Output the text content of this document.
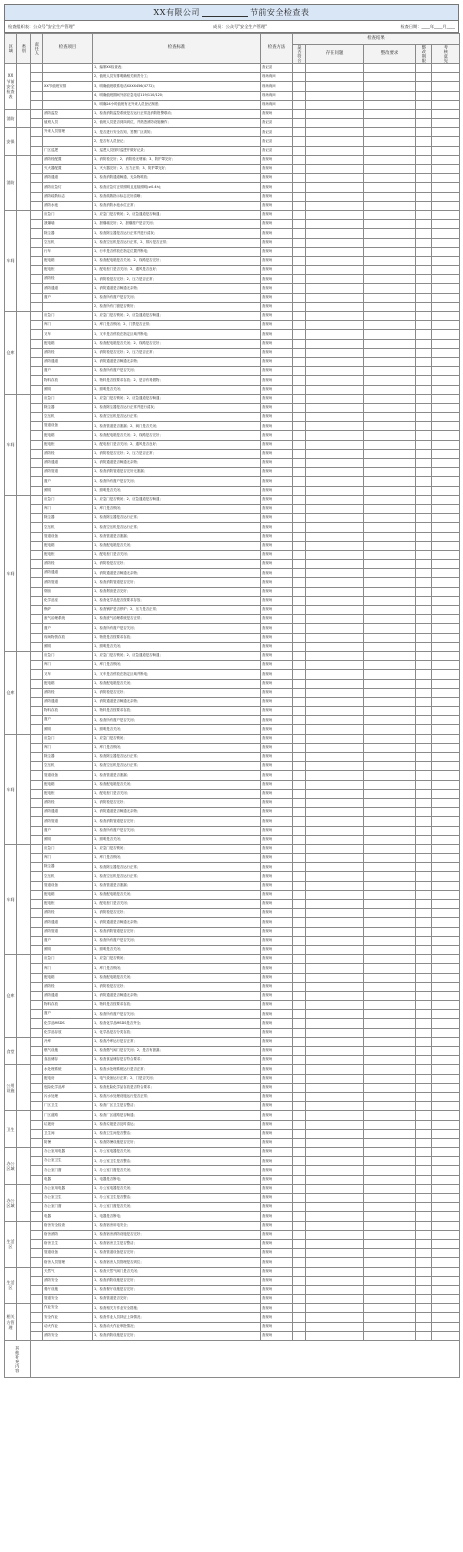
XX有限公司	节前安全检查表
检查组织表：公众号"安全生产管理"	成员：公众号"安全生产管理"	检查日期：____年____月____
区域	类别	责任人	检查项目	检查标准	检查方法	检查结果				

						是否符合	存在问题	整改要求	整改期限	考核意见

XX节前安全检查表				1、编制XX检查表；	查记录					
				2、值班人员安排明确相关职责分工；	现场询问					
			XX节值班安排	3、明确值班联系电话XXXX456(4772)；	现场询问					
				4、明确值班期间外部应急电话119/110/120；	现场询问					
				5、明确24小时值班有无外来人员登记制度；	现场询问					
消防			消防监控	1、检查消防监控系统是否运行正常及消防报警联动；	查现场					
			值班人员	2、值班人员是否到岗到位，并熟悉消防设施操作；	查记录					
安保			外来人员管理	1、是否进行安全告知，签署厂区须知；	查记录					
				2、是否有人员登记；	查记录					
			厂区巡逻	1、巡逻人员按时巡逻并做好记录；	查记录					
消防			消防栓配置	1、消防栓完好；2、消防栓无堵塞；3、防护罩完好；	查现场					
			灭火器配置	1、灭火器完好；2、压力正常；3、防护罩完好；	查现场					
			消防通道	1、检查消防通道畅通，无杂物堆放；	查现场					
			消防应急灯	1、检查应急灯正常照明且连续照明(≥0.4h)；	查现场					
			消防疏散标志	1、检查疏散指示标志完好清晰；	查现场					
			消防水池	1、检查消防水池水位正常；	查现场					
车间			应急门	1、应急门是否锁闭；2、应急通道是否畅通；	查现场					
			泄爆墙	1、泄爆墙完好；2、泄爆窗户是否关闭；	查现场					
			除尘器	1、检查除尘器是否运行正常并进行清灰；	查现场					
			空压机	1、检查空压机是否运行正常，2、排污是否正常；	查现场					
			行车	1、行车是否停放在指定位置并断电；	查现场					
			配电箱	1、检查配电箱是否关闭；2、线路是否完好；	查现场					
			配电柜	1、配电柜门是否关闭；2、通风是否良好；	查现场					
			消防栓	1、消防栓是否完好；2、压力是否正常；	查现场					
			消防通道	1、消防通道是否畅通无杂物；	查现场					
			窗户	1、检查所有窗户是否关闭；	查现场					
				2、检查所有门窗是否锁好；	查现场					
仓库			应急门	1、应急门是否锁闭；2、应急通道是否畅通；	查现场					
			库门	1、库门是否锁闭；2、门禁是否正常；	查现场					
			叉车	1、叉车是否停放在指定区域并断电；	查现场					
			配电箱	1、检查配电箱是否关闭；2、线路是否完好；	查现场					
			消防栓	1、消防栓是否完好；2、压力是否正常；	查现场					
			消防通道	1、消防通道是否畅通无杂物；	查现场					
			窗户	1、检查所有窗户是否关闭；	查现场					
			物料存放	1、物料是否按要求存放；2、是否有易燃物；	查现场					
			照明	1、照明是否关闭；	查现场					
车间			应急门	1、应急门是否锁闭；2、应急通道是否畅通；	查现场					
			除尘器	1、检查除尘器是否运行正常并进行清灰；	查现场					
			空压机	1、检查空压机是否运行正常；	查现场					
			管道设备	1、检查管道是否泄漏；2、阀门是否关闭；	查现场					
			配电箱	1、检查配电箱是否关闭；2、线路是否完好；	查现场					
			配电柜	1、配电柜门是否关闭；2、通风是否良好；	查现场					
			消防栓	1、消防栓是否完好；2、压力是否正常；	查现场					
			消防通道	1、消防通道是否畅通无杂物；	查现场					
			消防管道	1、检查消防管道是否完好无泄漏；	查现场					
			窗户	1、检查所有窗户是否关闭；	查现场					
			照明	1、照明是否关闭；	查现场					
车间			应急门	1、应急门是否锁闭；2、应急通道是否畅通；	查现场					
			库门	1、库门是否锁闭；	查现场					
			除尘器	1、检查除尘器是否运行正常；	查现场					
			空压机	1、检查空压机是否运行正常；	查现场					
			管道设备	1、检查管道是否泄漏；	查现场					
			配电箱	1、检查配电箱是否关闭；	查现场					
			配电柜	1、配电柜门是否关闭；	查现场					
			消防栓	1、消防栓是否完好；	查现场					
			消防通道	1、消防通道是否畅通无杂物；	查现场					
			消防管道	1、检查消防管道是否完好；	查现场					
			烟囱	1、检查烟囱是否完好；	查现场					
			化学品室	1、检查化学品是否按要求存放；	查现场					
			锅炉	1、检查锅炉是否停炉；2、压力是否正常；	查现场					
			废气治理系统	1、检查废气治理系统是否正常；	查现场					
			窗户	1、检查所有窗户是否关闭；	查现场					
			现场物资存放	1、物资是否按要求存放；	查现场					
			照明	1、照明是否关闭；	查现场					
仓库			应急门	1、应急门是否锁闭；2、应急通道是否畅通；	查现场					
			库门	1、库门是否锁闭；	查现场					
			叉车	1、叉车是否停放在指定区域并断电；	查现场					
			配电箱	1、检查配电箱是否关闭；	查现场					
			消防栓	1、消防栓是否完好；	查现场					
			消防通道	1、消防通道是否畅通无杂物；	查现场					
			物料存放	1、物料是否按要求存放；	查现场					
			窗户	1、检查所有窗户是否关闭；	查现场					
			照明	1、照明是否关闭；	查现场					
车间			应急门	1、应急门是否锁闭；	查现场					
			库门	1、库门是否锁闭；	查现场					
			除尘器	1、检查除尘器是否运行正常；	查现场					
			空压机	1、检查空压机是否运行正常；	查现场					
			管道设备	1、检查管道是否泄漏；	查现场					
			配电箱	1、检查配电箱是否关闭；	查现场					
			配电柜	1、配电柜门是否关闭；	查现场					
			消防栓	1、消防栓是否完好；	查现场					
			消防通道	1、消防通道是否畅通无杂物；	查现场					
			消防管道	1、检查消防管道是否完好；	查现场					
			窗户	1、检查所有窗户是否关闭；	查现场					
			照明	1、照明是否关闭；	查现场					
车间			应急门	1、应急门是否锁闭；	查现场					
			库门	1、库门是否锁闭；	查现场					
			除尘器	1、检查除尘器是否运行正常；	查现场					
			空压机	1、检查空压机是否运行正常；	查现场					
			管道设备	1、检查管道是否泄漏；	查现场					
			配电箱	1、检查配电箱是否关闭；	查现场					
			配电柜	1、配电柜门是否关闭；	查现场					
			消防栓	1、消防栓是否完好；	查现场					
			消防通道	1、消防通道是否畅通无杂物；	查现场					
			消防管道	1、检查消防管道是否完好；	查现场					
			窗户	1、检查所有窗户是否关闭；	查现场					
			照明	1、照明是否关闭；	查现场					
仓库			应急门	1、应急门是否锁闭；	查现场					
			库门	1、库门是否锁闭；	查现场					
			配电箱	1、检查配电箱是否关闭；	查现场					
			消防栓	1、消防栓是否完好；	查现场					
			消防通道	1、消防通道是否畅通无杂物；	查现场					
			物料存放	1、物料是否按要求存放；	查现场					
			窗户	1、检查所有窗户是否关闭；	查现场					
			化学品MSDS	1、检查化学品MSDS是否齐全；	查现场					
			化学品存放	1、化学品是否分类存放；	查现场					
食堂			冷库	1、检查冷库运行是否正常；	查现场					
			燃气设施	1、检查燃气阀门是否关闭；2、是否有泄漏；	查现场					
			食品储存	1、检查食品储存是否符合要求；	查现场					
公用设施			水处理系统	1、检查水处理系统运行是否正常；	查现场					
			配电房	1、电气设备运行正常；2、门是否关闭；	查现场					
			危险化学品库	1、检查危险化学品存放是否符合要求；	查现场					
			污水处理	1、检查污水处理设施运行是否正常；	查现场					
			厂区卫生	1、检查厂区卫生是否整洁；	查现场					
卫生			厂区道路	1、检查厂区道路是否畅通；	查现场					
			垃圾房	1、检查垃圾是否及时清运；	查现场					
			卫生间	1、检查卫生间是否整洁；	查现场					
			防暑	1、检查防暑设施是否完好；	查现场					
办公区域			办公室用电器	1、办公室电器是否关闭；	查现场					
			办公室卫生	1、办公室卫生是否整洁；	查现场					
			办公室门窗	1、办公室门窗是否关闭；	查现场					
			电器	1、电器是否断电；	查现场					
办公区域			办公室用电器	1、办公室电器是否关闭；	查现场					
			办公室卫生	1、办公室卫生是否整洁；	查现场					
			办公室门窗	1、办公室门窗是否关闭；	查现场					
			电器	1、电器是否断电；	查现场					
生活区			宿舍安全检查	1、检查宿舍用电安全；	查现场					
			宿舍消防	1、检查宿舍消防设施是否完好；	查现场					
			宿舍卫生	1、检查宿舍卫生是否整洁；	查现场					
			管道设备	1、检查管道设备是否完好；	查现场					
			宿舍人员管理	1、检查宿舍人员管理是否到位；	查现场					
生活区			天然气	1、检查天然气阀门是否关闭；	查现场					
			消防安全	1、检查消防设施是否完好；	查现场					
			餐厅设施	1、检查餐厅设施是否完好；	查现场					
			管道安全	1、检查管道是否完好；	查现场					
相关方管理			作业安全	1、检查相关方作业安全措施；	查现场					
			安全作业	1、检查作业人员持证上岗情况；	查现场					
			动火作业	1、检查动火作业审批情况；	查现场					
			消防安全	1、检查消防设施是否完好；	查现场					

其他补充内容										
